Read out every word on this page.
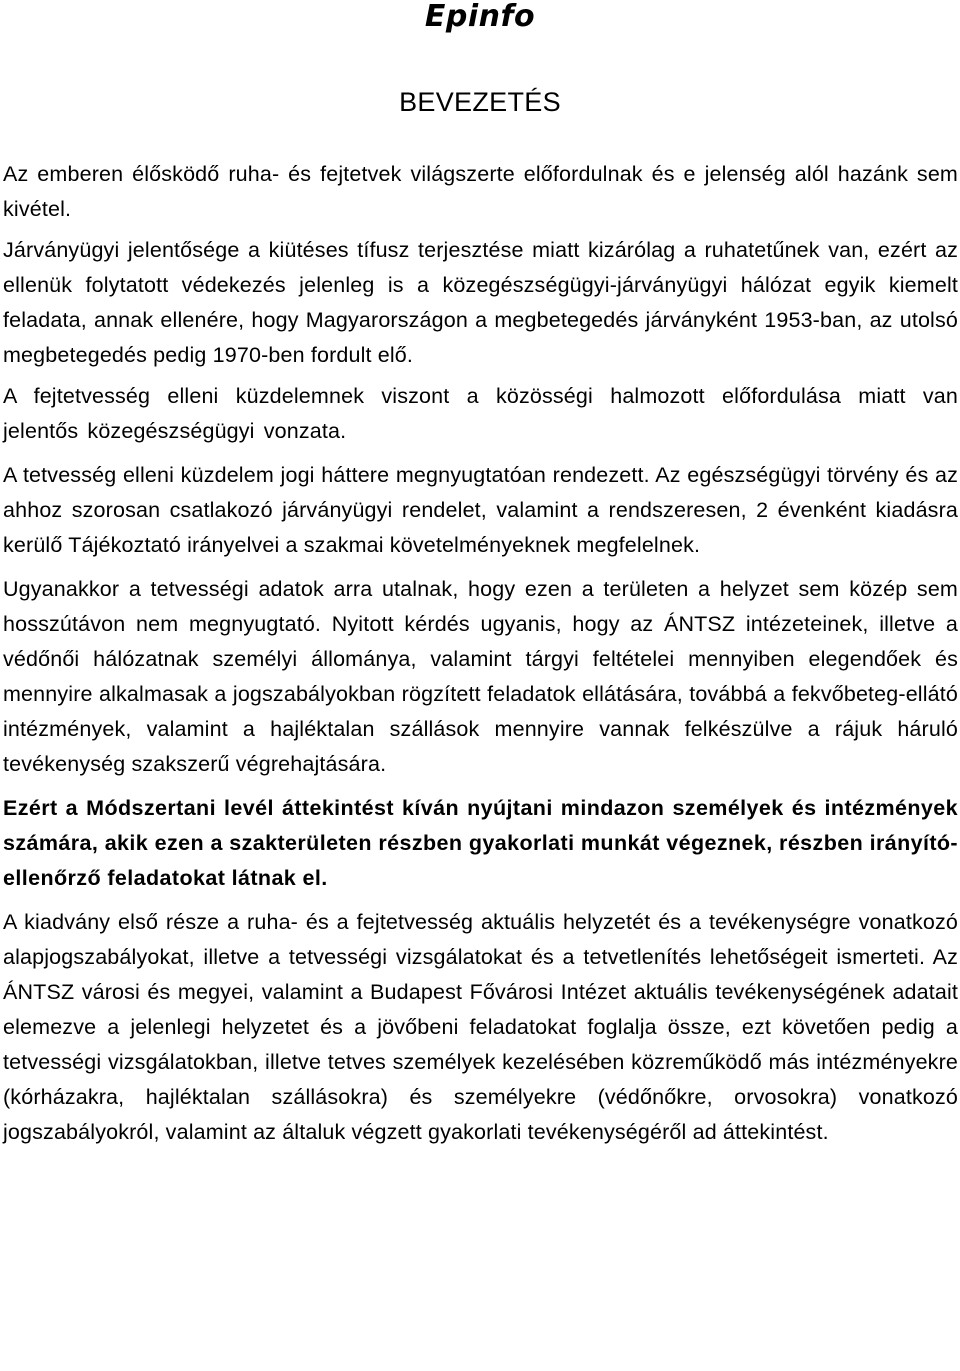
Epinfo
BEVEZETÉS

Az emberen élősködő ruha- és fejtetvek világszerte előfordulnak és e jelenség alól hazánk sem kivétel.

Járványügyi jelentősége a kiütéses tífusz terjesztése miatt kizárólag a ruhatetűnek van, ezért az ellenük folytatott védekezés jelenleg is a közegészségügyi-járványügyi hálózat egyik kiemelt feladata, annak ellenére, hogy Magyarországon a megbetegedés járványként 1953-ban, az utolsó megbetegedés pedig 1970-ben fordult elő.

A fejtetvesség elleni küzdelemnek viszont a közösségi halmozott előfordulása miatt van jelentős közegészségügyi vonzata.

A tetvesség elleni küzdelem jogi háttere megnyugtatóan rendezett. Az egészségügyi törvény és az ahhoz szorosan csatlakozó járványügyi rendelet, valamint a rendszeresen, 2 évenként kiadásra kerülő Tájékoztató irányelvei a szakmai követelményeknek megfelelnek.

Ugyanakkor a tetvességi adatok arra utalnak, hogy ezen a területen a helyzet sem közép sem hosszútávon nem megnyugtató. Nyitott kérdés ugyanis, hogy az ÁNTSZ intézeteinek, illetve a védőnői hálózatnak személyi állománya, valamint tárgyi feltételei mennyiben elegendőek és mennyire alkalmasak a jogszabályokban rögzített feladatok ellátására, továbbá a fekvőbeteg-ellátó intézmények, valamint a hajléktalan szállások mennyire vannak felkészülve a rájuk háruló tevékenység szakszerű végrehajtására.

Ezért a Módszertani levél áttekintést kíván nyújtani mindazon személyek és intézmények számára, akik ezen a szakterületen részben gyakorlati munkát végeznek, részben irányító-ellenőrző feladatokat látnak el.

A kiadvány első része a ruha- és a fejtetvesség aktuális helyzetét és a tevékenységre vonatkozó alapjogszabályokat, illetve a tetvességi vizsgálatokat és a tetvetlenítés lehetőségeit ismerteti. Az ÁNTSZ városi és megyei, valamint a Budapest Fővárosi Intézet aktuális tevékenységének adatait elemezve a jelenlegi helyzetet és a jövőbeni feladatokat foglalja össze, ezt követően pedig a tetvességi vizsgálatokban, illetve tetves személyek kezelésében közreműködő más intézményekre (kórházakra, hajléktalan szállásokra) és személyekre (védőnőkre, orvosokra) vonatkozó jogszabályokról, valamint az általuk végzett gyakorlati tevékenységéről ad áttekintést.
